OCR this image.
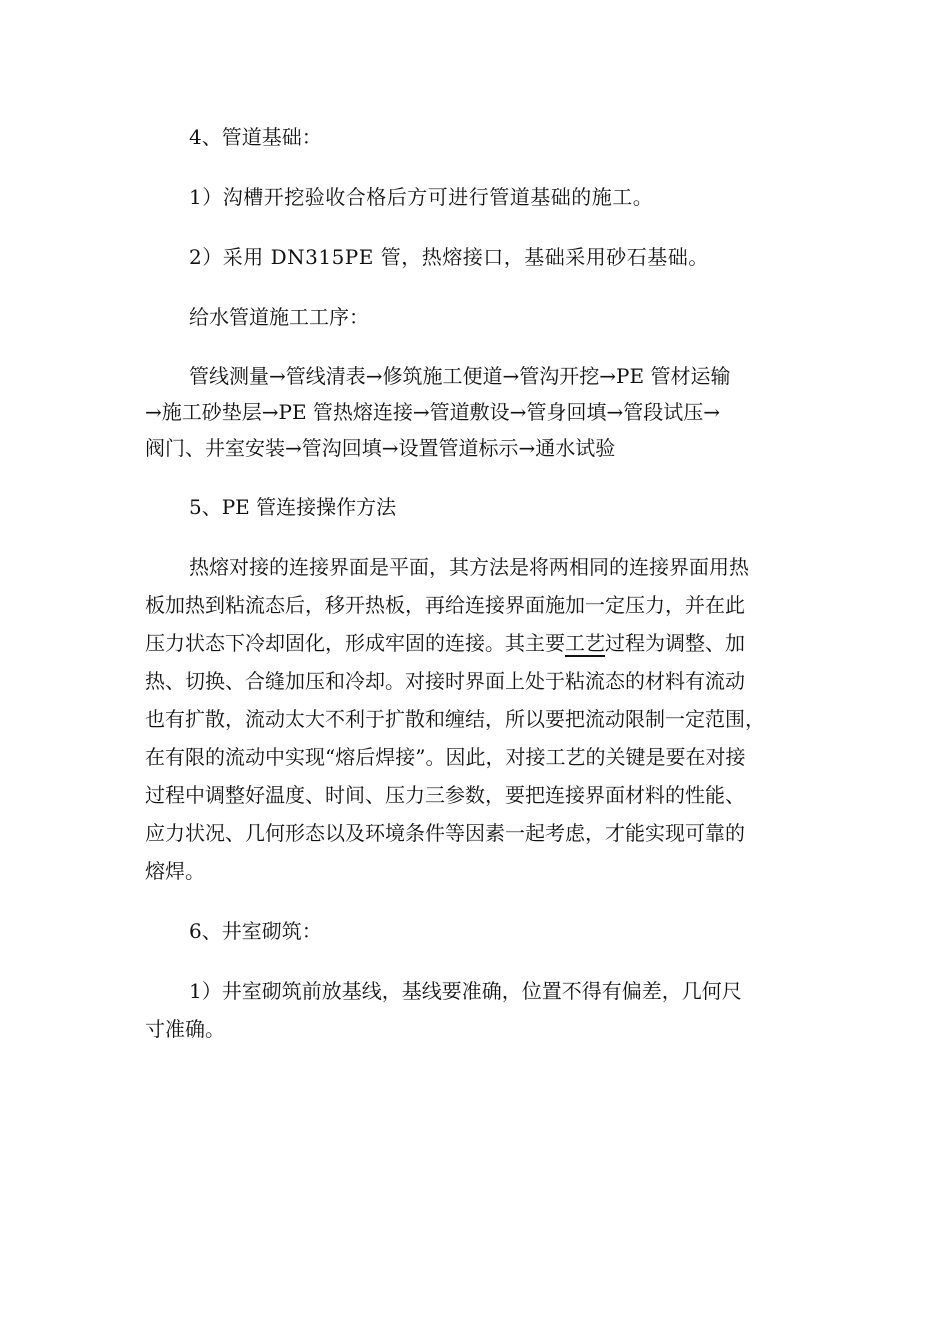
4、管道基础：

1）沟槽开挖验收合格后方可进行管道基础的施工。

2）采用 DN315PE 管，热熔接口，基础采用砂石基础。

给水管道施工工序：

管线测量→管线清表→修筑施工便道→管沟开挖→PE 管材运输
→施工砂垫层→PE 管热熔连接→管道敷设→管身回填→管段试压→
阀门、井室安装→管沟回填→设置管道标示→通水试验

5、PE 管连接操作方法

热熔对接的连接界面是平面，其方法是将两相同的连接界面用热
板加热到粘流态后，移开热板，再给连接界面施加一定压力，并在此
压力状态下冷却固化，形成牢固的连接。其主要工艺过程为调整、加
热、切换、合缝加压和冷却。对接时界面上处于粘流态的材料有流动
也有扩散，流动太大不利于扩散和缠结，所以要把流动限制一定范围，
在有限的流动中实现“熔后焊接”。因此，对接工艺的关键是要在对接
过程中调整好温度、时间、压力三参数，要把连接界面材料的性能、
应力状况、几何形态以及环境条件等因素一起考虑，才能实现可靠的
熔焊。

6、井室砌筑：

1）井室砌筑前放基线，基线要准确，位置不得有偏差，几何尺
寸准确。
